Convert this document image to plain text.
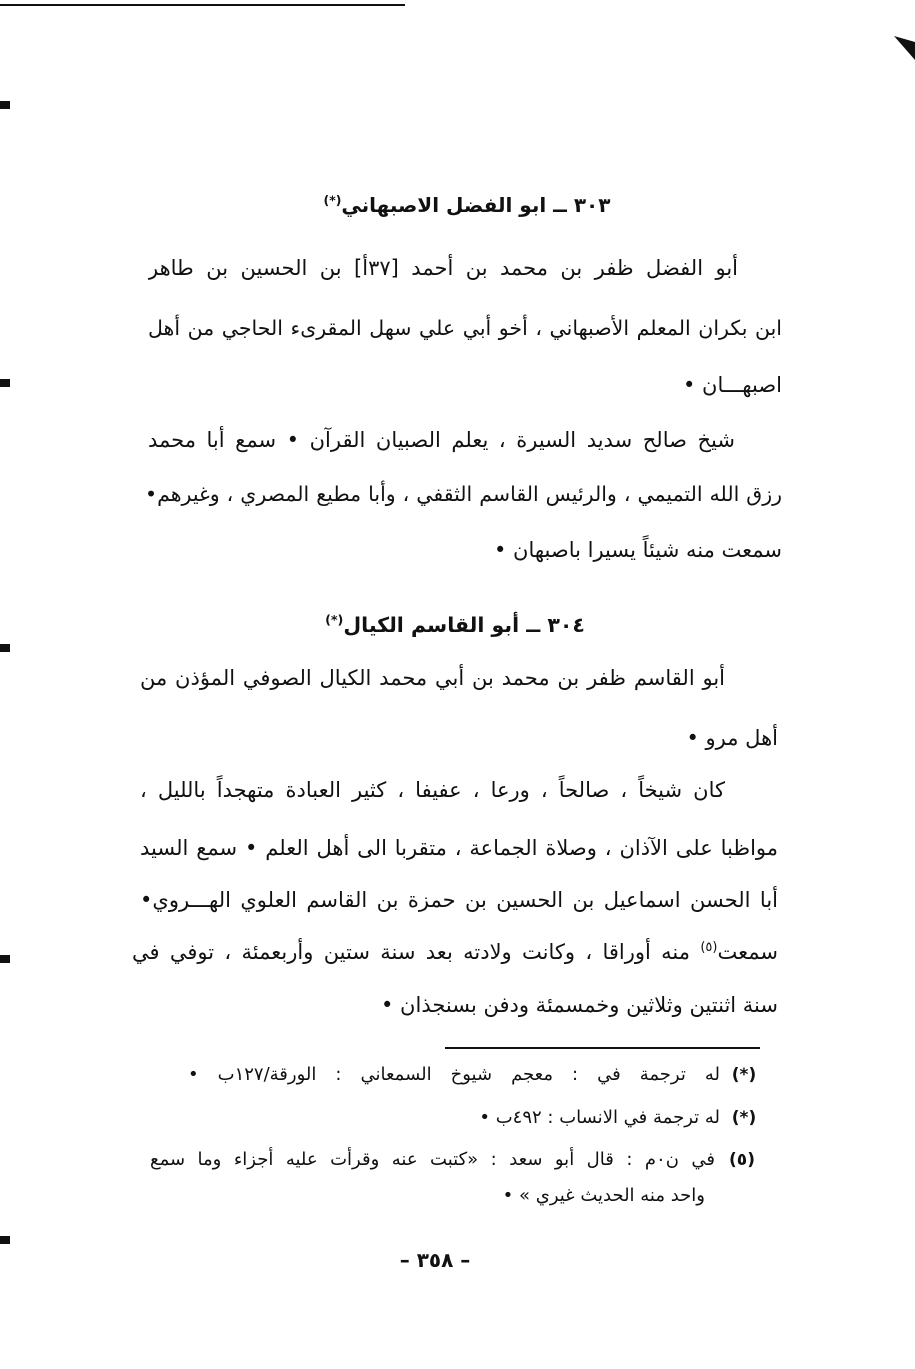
٣٠٣ ــ ابو الفضل الاصبهاني(*)
أبو الفضل ظفر بن محمد بن أحمد [٣٧أ] بن الحسين بن طاهر
ابن بكران المعلم الأصبهاني ، أخو أبي علي سهل المقرىء الحاجي من أهل
اصبهـــان •
شيخ صالح سديد السيرة ، يعلم الصبيان القرآن • سمع أبا محمد
رزق الله التميمي ، والرئيس القاسم الثقفي ، وأبا مطيع المصري ، وغيرهم•
سمعت منه شيئاً يسيرا باصبهان •
٣٠٤ ــ أبو القاسم الكيال(*)
أبو القاسم ظفر بن محمد بن أبي محمد الكيال الصوفي المؤذن من
أهل مرو •
كان شيخاً ، صالحاً ، ورعا ، عفيفا ، كثير العبادة متهجداً بالليل ،
مواظبا على الآذان ، وصلاة الجماعة ، متقربا الى أهل العلم • سمع السيد
أبا الحسن اسماعيل بن الحسين بن حمزة بن القاسم العلوي الهـــروي•
سمعت$^{(٥)}$ منه أوراقا ، وكانت ولادته بعد سنة ستين وأربعمئة ، توفي في
سنة اثنتين وثلاثين وخمسمئة ودفن بسنجذان •
(*)
له ترجمة في : معجم شيوخ السمعاني : الورقة/١٢٧ب •
(*)
له ترجمة في الانساب : ٤٩٢ب •
(٥)
في ن٠م : قال أبو سعد : «كتبت عنه وقرأت عليه أجزاء وما سمع
واحد منه الحديث غيري » •
– ٣٥٨ –
